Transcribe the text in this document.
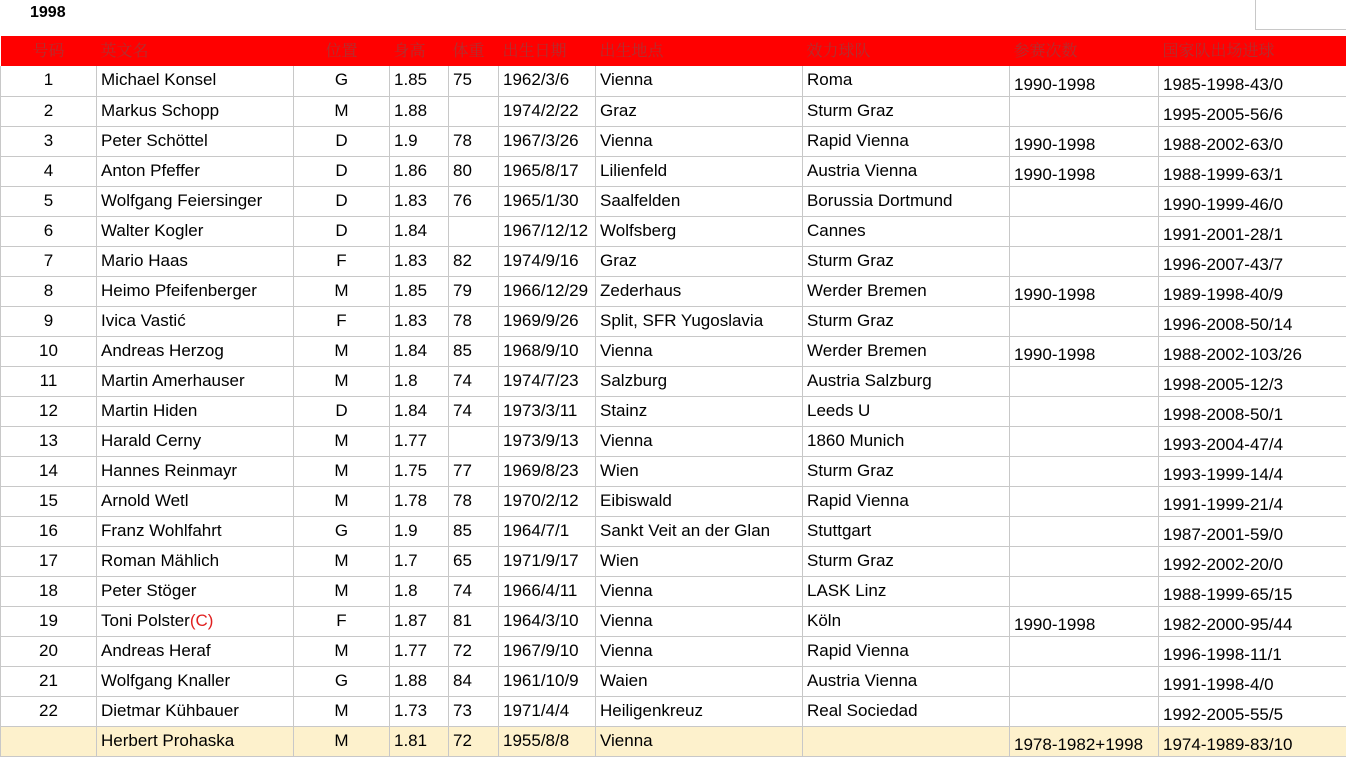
1998
号码	英文名	位置	身高	体重	出生日期	出生地点	效力球队	参赛次数	国家队出场进球
1	Michael Konsel	G	1.85	75	1962/3/6	Vienna	Roma	1990-1998	1985-1998-43/0
2	Markus Schopp	M	1.88		1974/2/22	Graz	Sturm Graz		1995-2005-56/6
3	Peter Schöttel	D	1.9	78	1967/3/26	Vienna	Rapid Vienna	1990-1998	1988-2002-63/0
4	Anton Pfeffer	D	1.86	80	1965/8/17	Lilienfeld	Austria Vienna	1990-1998	1988-1999-63/1
5	Wolfgang Feiersinger	D	1.83	76	1965/1/30	Saalfelden	Borussia Dortmund		1990-1999-46/0
6	Walter Kogler	D	1.84		1967/12/12	Wolfsberg	Cannes		1991-2001-28/1
7	Mario Haas	F	1.83	82	1974/9/16	Graz	Sturm Graz		1996-2007-43/7
8	Heimo Pfeifenberger	M	1.85	79	1966/12/29	Zederhaus	Werder Bremen	1990-1998	1989-1998-40/9
9	Ivica Vastić	F	1.83	78	1969/9/26	Split, SFR Yugoslavia	Sturm Graz		1996-2008-50/14
10	Andreas Herzog	M	1.84	85	1968/9/10	Vienna	Werder Bremen	1990-1998	1988-2002-103/26
11	Martin Amerhauser	M	1.8	74	1974/7/23	Salzburg	Austria Salzburg		1998-2005-12/3
12	Martin Hiden	D	1.84	74	1973/3/11	Stainz	Leeds U		1998-2008-50/1
13	Harald Cerny	M	1.77		1973/9/13	Vienna	1860 Munich		1993-2004-47/4
14	Hannes Reinmayr	M	1.75	77	1969/8/23	Wien	Sturm Graz		1993-1999-14/4
15	Arnold Wetl	M	1.78	78	1970/2/12	Eibiswald	Rapid Vienna		1991-1999-21/4
16	Franz Wohlfahrt	G	1.9	85	1964/7/1	Sankt Veit an der Glan	Stuttgart		1987-2001-59/0
17	Roman Mählich	M	1.7	65	1971/9/17	Wien	Sturm Graz		1992-2002-20/0
18	Peter Stöger	M	1.8	74	1966/4/11	Vienna	LASK Linz		1988-1999-65/15
19	Toni Polster(C)	F	1.87	81	1964/3/10	Vienna	Köln	1990-1998	1982-2000-95/44
20	Andreas Heraf	M	1.77	72	1967/9/10	Vienna	Rapid Vienna		1996-1998-11/1
21	Wolfgang Knaller	G	1.88	84	1961/10/9	Waien	Austria Vienna		1991-1998-4/0
22	Dietmar Kühbauer	M	1.73	73	1971/4/4	Heiligenkreuz	Real Sociedad		1992-2005-55/5
	Herbert Prohaska	M	1.81	72	1955/8/8	Vienna		1978-1982+1998	1974-1989-83/10
